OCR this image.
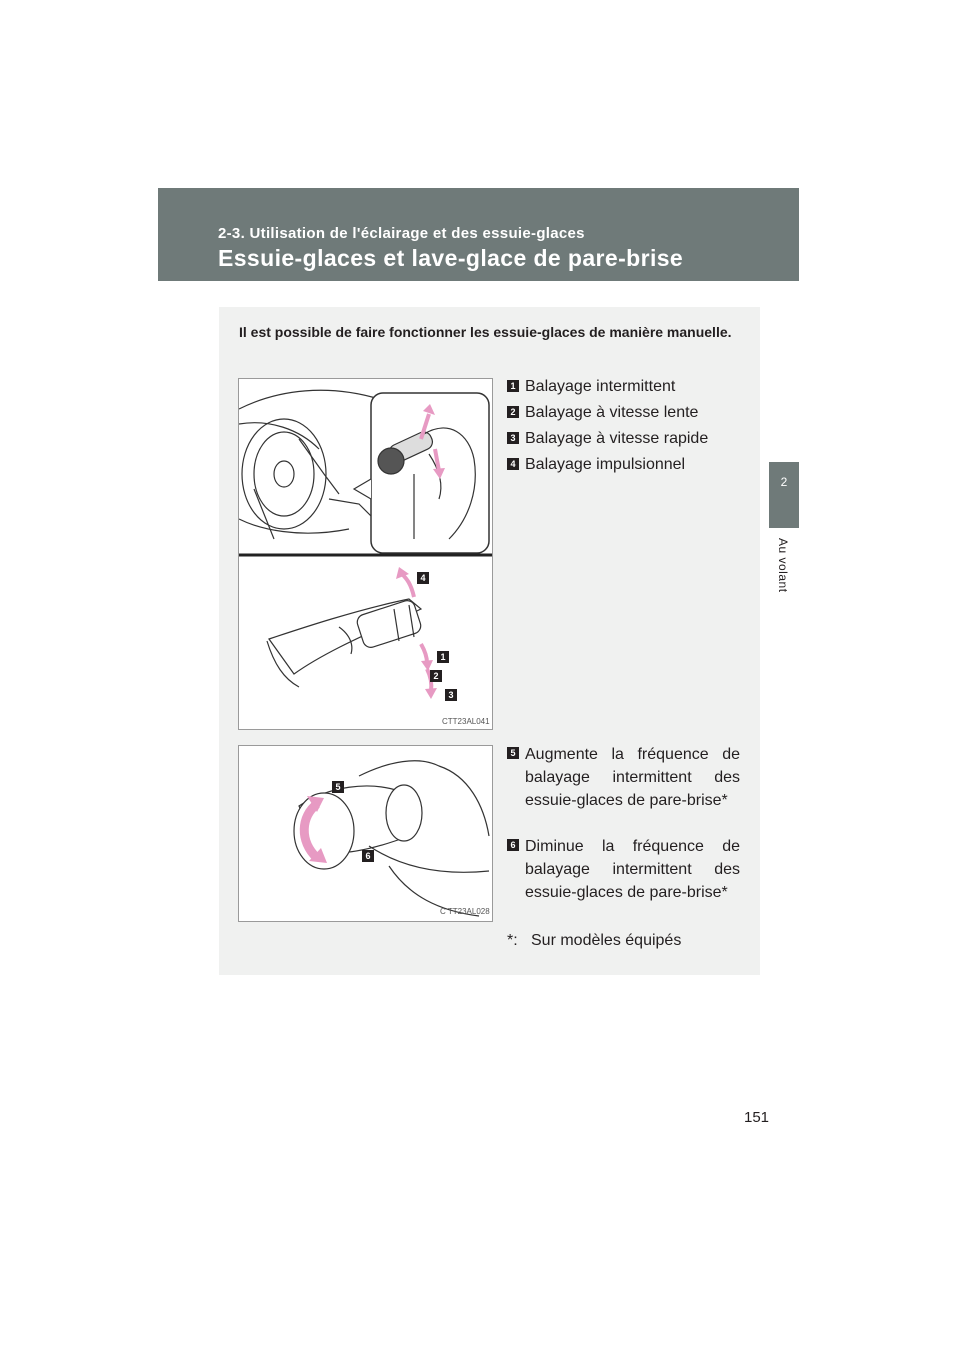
2-3. Utilisation de l'éclairage et des essuie-glaces
Essuie-glaces et lave-glace de pare-brise
2
Au volant
Il est possible de faire fonctionner les essuie-glaces de manière manuelle.
4
1
2
3
CTT23AL041
5
6
C TT23AL028
1 Balayage intermittent
2 Balayage à vitesse lente
3 Balayage à vitesse rapide
4 Balayage impulsionnel
5 Augmente la fréquence de balayage intermittent des essuie-glaces de pare-brise*
6 Diminue la fréquence de balayage intermittent des essuie-glaces de pare-brise*
*: Sur modèles équipés
151
